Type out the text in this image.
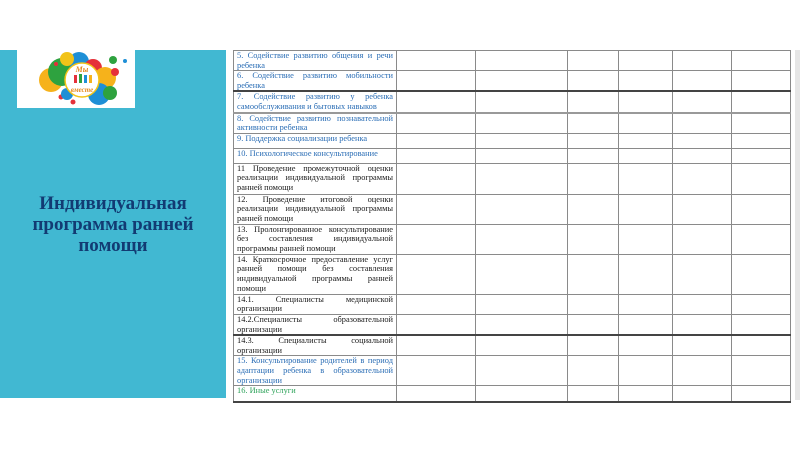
Мы
вместе
Индивидуальная программа ранней помощи
5. Содействие развитию общения и речи ребенка						
6. Содействие развитию мобильности ребенка						
7. Содействие развитию у ребенка самообслуживания и бытовых навыков						
8. Содействие развитию познавательной активности ребенка						
9. Поддержка социализации ребенка						
10. Психологическое консультирование						
11 Проведение промежуточной оценки реализации индивидуальной программы ранней помощи						
12. Проведение итоговой оценки реализации индивидуальной программы ранней помощи						
13. Пролонгированное консультирование без составления индивидуальной программы ранней помощи						
14. Краткосрочное предоставление услуг ранней помощи без составления индивидуальной программы ранней помощи						
14.1. Специалисты медицинской организации						
14.2.Специалисты образовательной организации						
14.3. Специалисты социальной организации						
15. Консультирование родителей в период адаптации ребенка в образовательной организации						
16. Иные услуги						
